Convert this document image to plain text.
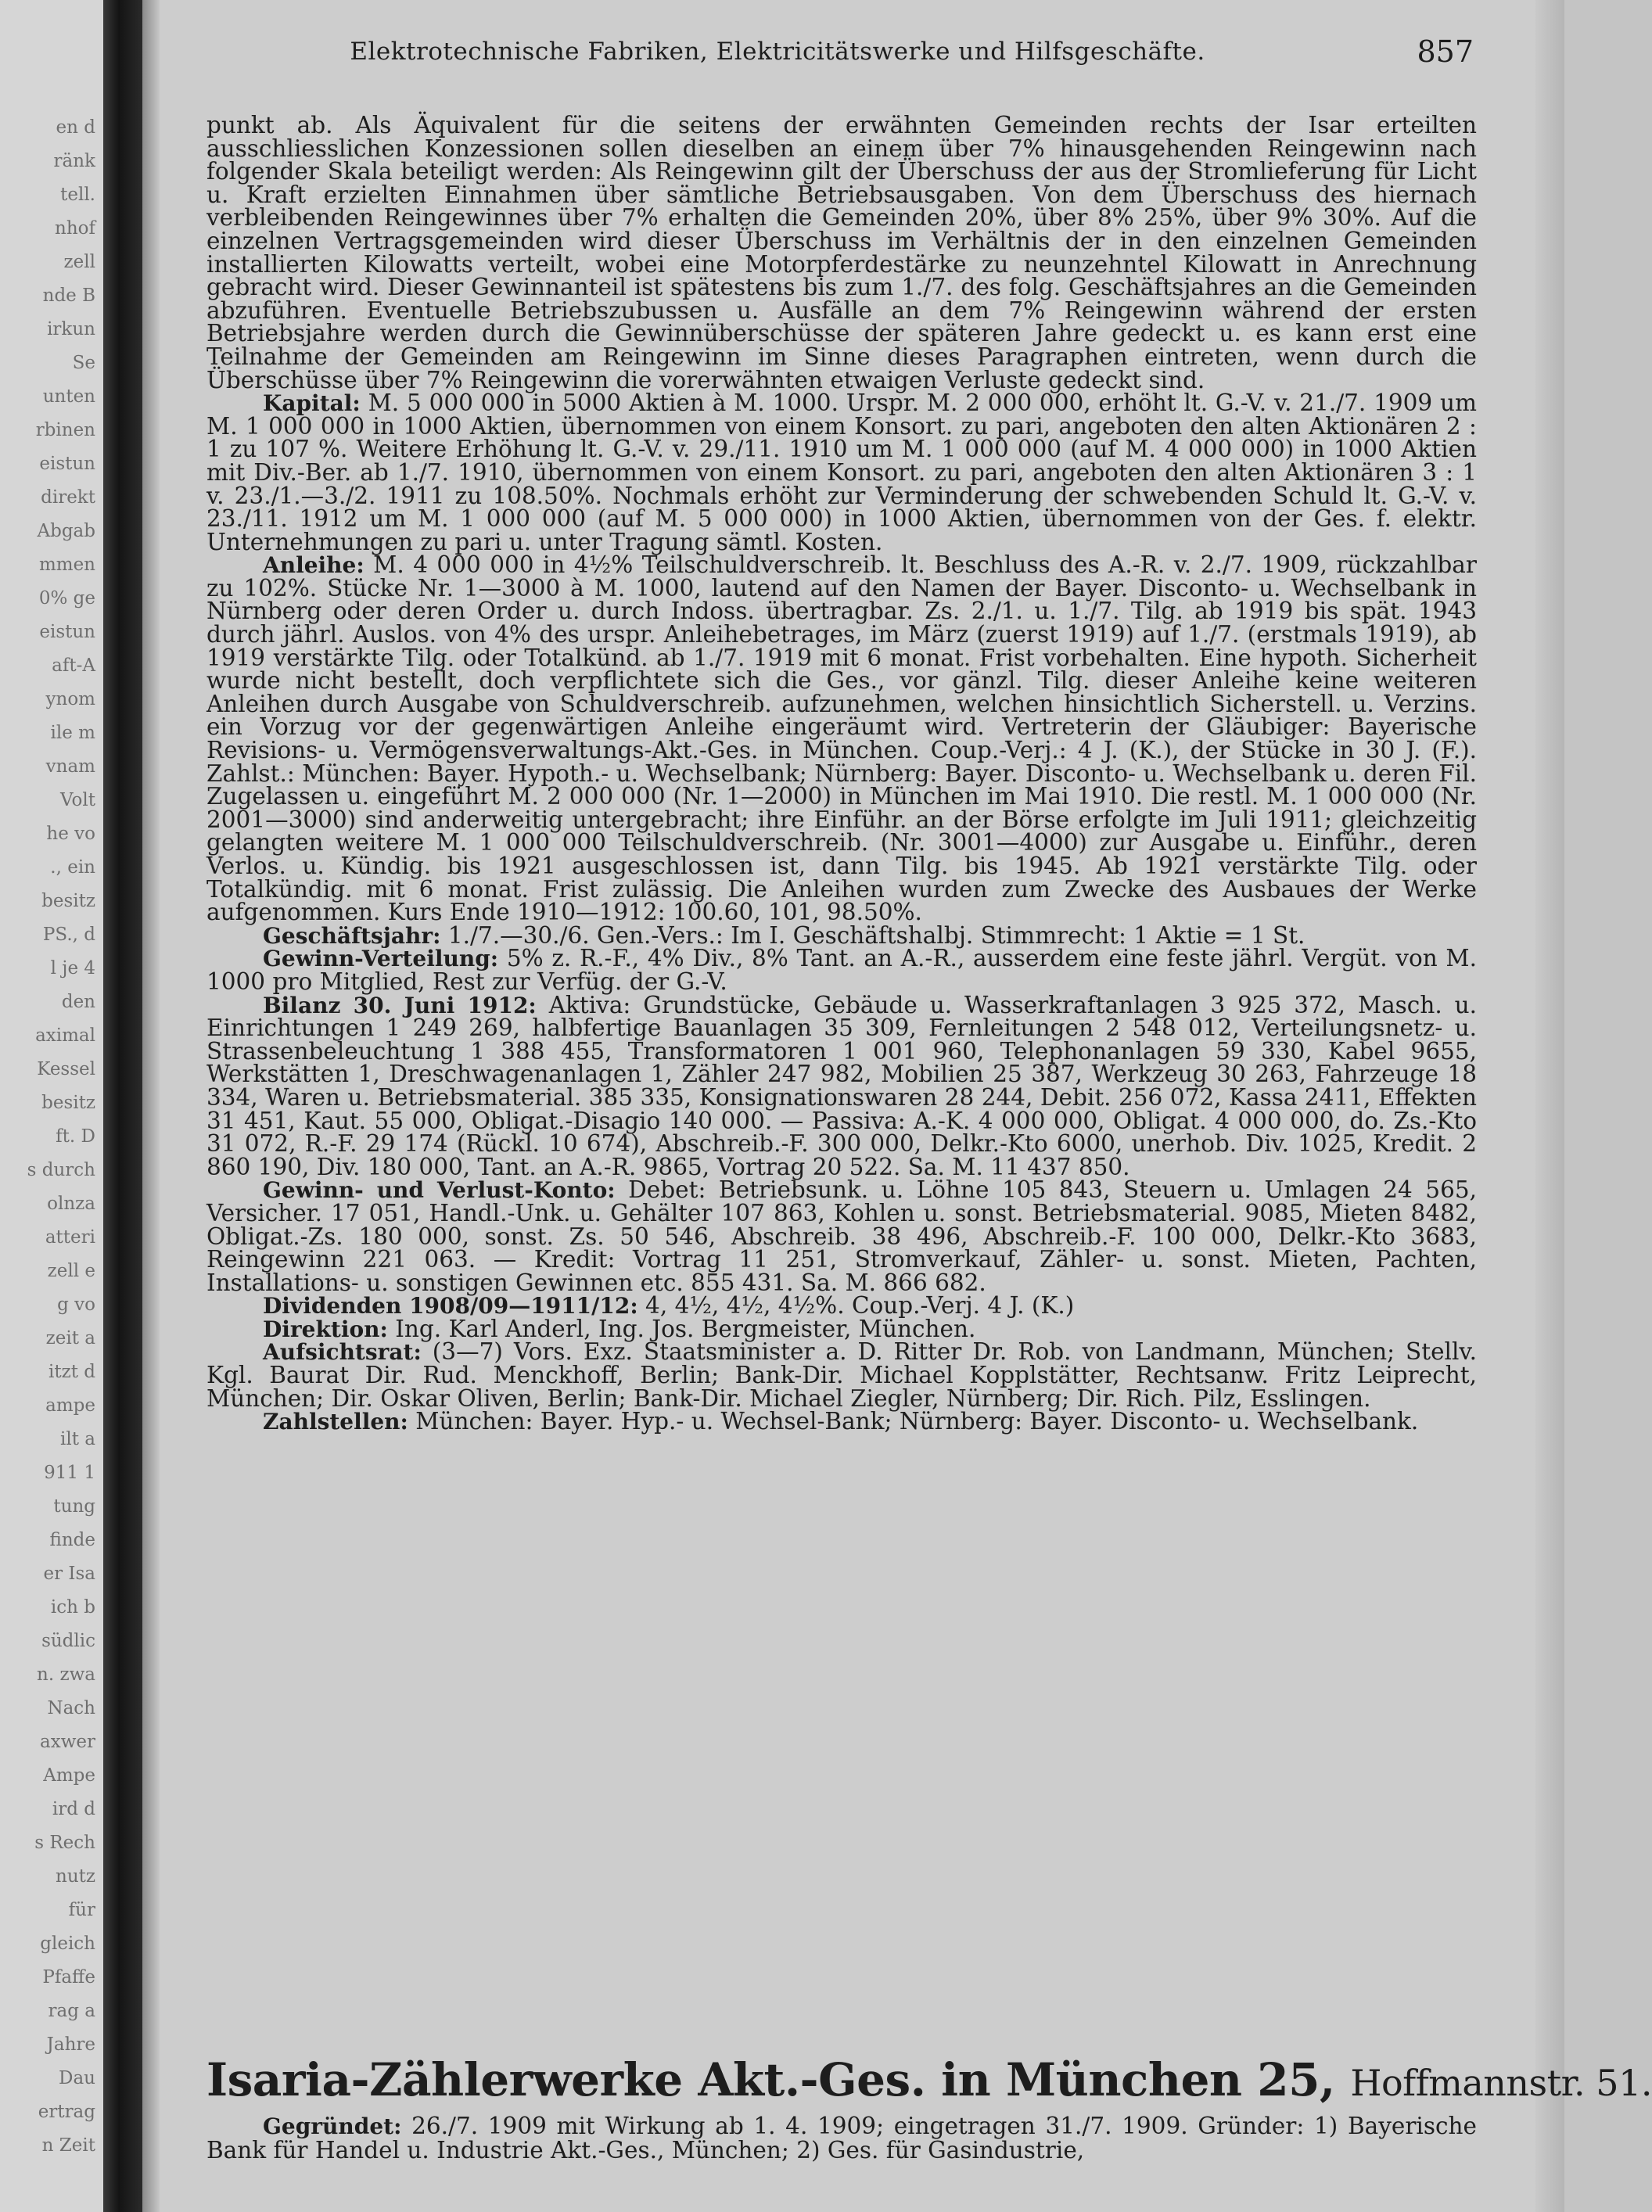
en d
ränk
tell.
nhof
zell
nde B
irkun
Se
unten
rbinen
eistun
direkt
Abgab
mmen
0% ge
eistun
aft-A
ynom
ile m
vnam
Volt
he vo
., ein
besitz
PS., d
l je 4
den
aximal
Kessel
besitz
ft. D
s durch
olnza
atteri
zell e
g vo
zeit a
itzt d
ampe
ilt a
911 1
tung
finde
er Isa
ich b
südlic
n. zwa
Nach
axwer
Ampe
ird d
s Rech
nutz
für
gleich
Pfaffe
rag a
Jahre
Dau
ertrag
n Zeit
Elektrotechnische Fabriken, Elektricitätswerke und Hilfsgeschäfte.	857

punkt ab. Als Äquivalent für die seitens der erwähnten Gemeinden rechts der Isar erteilten ausschliesslichen Konzessionen sollen dieselben an einem über 7% hinausgehenden Reingewinn nach folgender Skala beteiligt werden: Als Reingewinn gilt der Überschuss der aus der Stromlieferung für Licht u. Kraft erzielten Einnahmen über sämtliche Betriebsausgaben. Von dem Überschuss des hiernach verbleibenden Reingewinnes über 7% erhalten die Gemeinden 20%, über 8% 25%, über 9% 30%. Auf die einzelnen Vertragsgemeinden wird dieser Überschuss im Verhältnis der in den einzelnen Gemeinden installierten Kilowatts verteilt, wobei eine Motorpferdestärke zu neunzehntel Kilowatt in Anrechnung gebracht wird. Dieser Gewinnanteil ist spätestens bis zum 1./7. des folg. Geschäftsjahres an die Gemeinden abzuführen. Eventuelle Betriebszubussen u. Ausfälle an dem 7% Reingewinn während der ersten Betriebsjahre werden durch die Gewinnüberschüsse der späteren Jahre gedeckt u. es kann erst eine Teilnahme der Gemeinden am Reingewinn im Sinne dieses Paragraphen eintreten, wenn durch die Überschüsse über 7% Reingewinn die vorerwähnten etwaigen Verluste gedeckt sind.

Kapital: M. 5 000 000 in 5000 Aktien à M. 1000. Urspr. M. 2 000 000, erhöht lt. G.-V. v. 21./7. 1909 um M. 1 000 000 in 1000 Aktien, übernommen von einem Konsort. zu pari, angeboten den alten Aktionären 2 : 1 zu 107 %. Weitere Erhöhung lt. G.-V. v. 29./11. 1910 um M. 1 000 000 (auf M. 4 000 000) in 1000 Aktien mit Div.-Ber. ab 1./7. 1910, übernommen von einem Konsort. zu pari, angeboten den alten Aktionären 3 : 1 v. 23./1.—3./2. 1911 zu 108.50%. Nochmals erhöht zur Verminderung der schwebenden Schuld lt. G.-V. v. 23./11. 1912 um M. 1 000 000 (auf M. 5 000 000) in 1000 Aktien, übernommen von der Ges. f. elektr. Unternehmungen zu pari u. unter Tragung sämtl. Kosten.

Anleihe: M. 4 000 000 in 4½% Teilschuldverschreib. lt. Beschluss des A.-R. v. 2./7. 1909, rückzahlbar zu 102%. Stücke Nr. 1—3000 à M. 1000, lautend auf den Namen der Bayer. Disconto- u. Wechselbank in Nürnberg oder deren Order u. durch Indoss. übertragbar. Zs. 2./1. u. 1./7. Tilg. ab 1919 bis spät. 1943 durch jährl. Auslos. von 4% des urspr. Anleihebetrages, im März (zuerst 1919) auf 1./7. (erstmals 1919), ab 1919 verstärkte Tilg. oder Totalkünd. ab 1./7. 1919 mit 6 monat. Frist vorbehalten. Eine hypoth. Sicherheit wurde nicht bestellt, doch verpflichtete sich die Ges., vor gänzl. Tilg. dieser Anleihe keine weiteren Anleihen durch Ausgabe von Schuldverschreib. aufzunehmen, welchen hinsichtlich Sicherstell. u. Verzins. ein Vorzug vor der gegenwärtigen Anleihe eingeräumt wird. Vertreterin der Gläubiger: Bayerische Revisions- u. Vermögensverwaltungs-Akt.-Ges. in München. Coup.-Verj.: 4 J. (K.), der Stücke in 30 J. (F.). Zahlst.: München: Bayer. Hypoth.- u. Wechselbank; Nürnberg: Bayer. Disconto- u. Wechselbank u. deren Fil. Zugelassen u. eingeführt M. 2 000 000 (Nr. 1—2000) in München im Mai 1910. Die restl. M. 1 000 000 (Nr. 2001—3000) sind anderweitig untergebracht; ihre Einführ. an der Börse erfolgte im Juli 1911; gleichzeitig gelangten weitere M. 1 000 000 Teilschuldverschreib. (Nr. 3001—4000) zur Ausgabe u. Einführ., deren Verlos. u. Kündig. bis 1921 ausgeschlossen ist, dann Tilg. bis 1945. Ab 1921 verstärkte Tilg. oder Totalkündig. mit 6 monat. Frist zulässig. Die Anleihen wurden zum Zwecke des Ausbaues der Werke aufgenommen. Kurs Ende 1910—1912: 100.60, 101, 98.50%.

Geschäftsjahr: 1./7.—30./6. Gen.-Vers.: Im I. Geschäftshalbj. Stimmrecht: 1 Aktie = 1 St.

Gewinn-Verteilung: 5% z. R.-F., 4% Div., 8% Tant. an A.-R., ausserdem eine feste jährl. Vergüt. von M. 1000 pro Mitglied, Rest zur Verfüg. der G.-V.

Bilanz 30. Juni 1912: Aktiva: Grundstücke, Gebäude u. Wasserkraftanlagen 3 925 372, Masch. u. Einrichtungen 1 249 269, halbfertige Bauanlagen 35 309, Fernleitungen 2 548 012, Verteilungsnetz- u. Strassenbeleuchtung 1 388 455, Transformatoren 1 001 960, Telephonanlagen 59 330, Kabel 9655, Werkstätten 1, Dreschwagenanlagen 1, Zähler 247 982, Mobilien 25 387, Werkzeug 30 263, Fahrzeuge 18 334, Waren u. Betriebsmaterial. 385 335, Konsignationswaren 28 244, Debit. 256 072, Kassa 2411, Effekten 31 451, Kaut. 55 000, Obligat.-Disagio 140 000. — Passiva: A.-K. 4 000 000, Obligat. 4 000 000, do. Zs.-Kto 31 072, R.-F. 29 174 (Rückl. 10 674), Abschreib.-F. 300 000, Delkr.-Kto 6000, unerhob. Div. 1025, Kredit. 2 860 190, Div. 180 000, Tant. an A.-R. 9865, Vortrag 20 522. Sa. M. 11 437 850.

Gewinn- und Verlust-Konto: Debet: Betriebsunk. u. Löhne 105 843, Steuern u. Umlagen 24 565, Versicher. 17 051, Handl.-Unk. u. Gehälter 107 863, Kohlen u. sonst. Betriebsmaterial. 9085, Mieten 8482, Obligat.-Zs. 180 000, sonst. Zs. 50 546, Abschreib. 38 496, Abschreib.-F. 100 000, Delkr.-Kto 3683, Reingewinn 221 063. — Kredit: Vortrag 11 251, Stromverkauf, Zähler- u. sonst. Mieten, Pachten, Installations- u. sonstigen Gewinnen etc. 855 431. Sa. M. 866 682.

Dividenden 1908/09—1911/12: 4, 4½, 4½, 4½%. Coup.-Verj. 4 J. (K.)

Direktion: Ing. Karl Anderl, Ing. Jos. Bergmeister, München.

Aufsichtsrat: (3—7) Vors. Exz. Staatsminister a. D. Ritter Dr. Rob. von Landmann, München; Stellv. Kgl. Baurat Dir. Rud. Menckhoff, Berlin; Bank-Dir. Michael Kopplstätter, Rechtsanw. Fritz Leiprecht, München; Dir. Oskar Oliven, Berlin; Bank-Dir. Michael Ziegler, Nürnberg; Dir. Rich. Pilz, Esslingen.

Zahlstellen: München: Bayer. Hyp.- u. Wechsel-Bank; Nürnberg: Bayer. Disconto- u. Wechselbank.

Isaria-Zählerwerke Akt.-Ges. in München 25, Hoffmannstr. 51.

Gegründet: 26./7. 1909 mit Wirkung ab 1. 4. 1909; eingetragen 31./7. 1909. Gründer: 1) Bayerische Bank für Handel u. Industrie Akt.-Ges., München; 2) Ges. für Gasindustrie,
